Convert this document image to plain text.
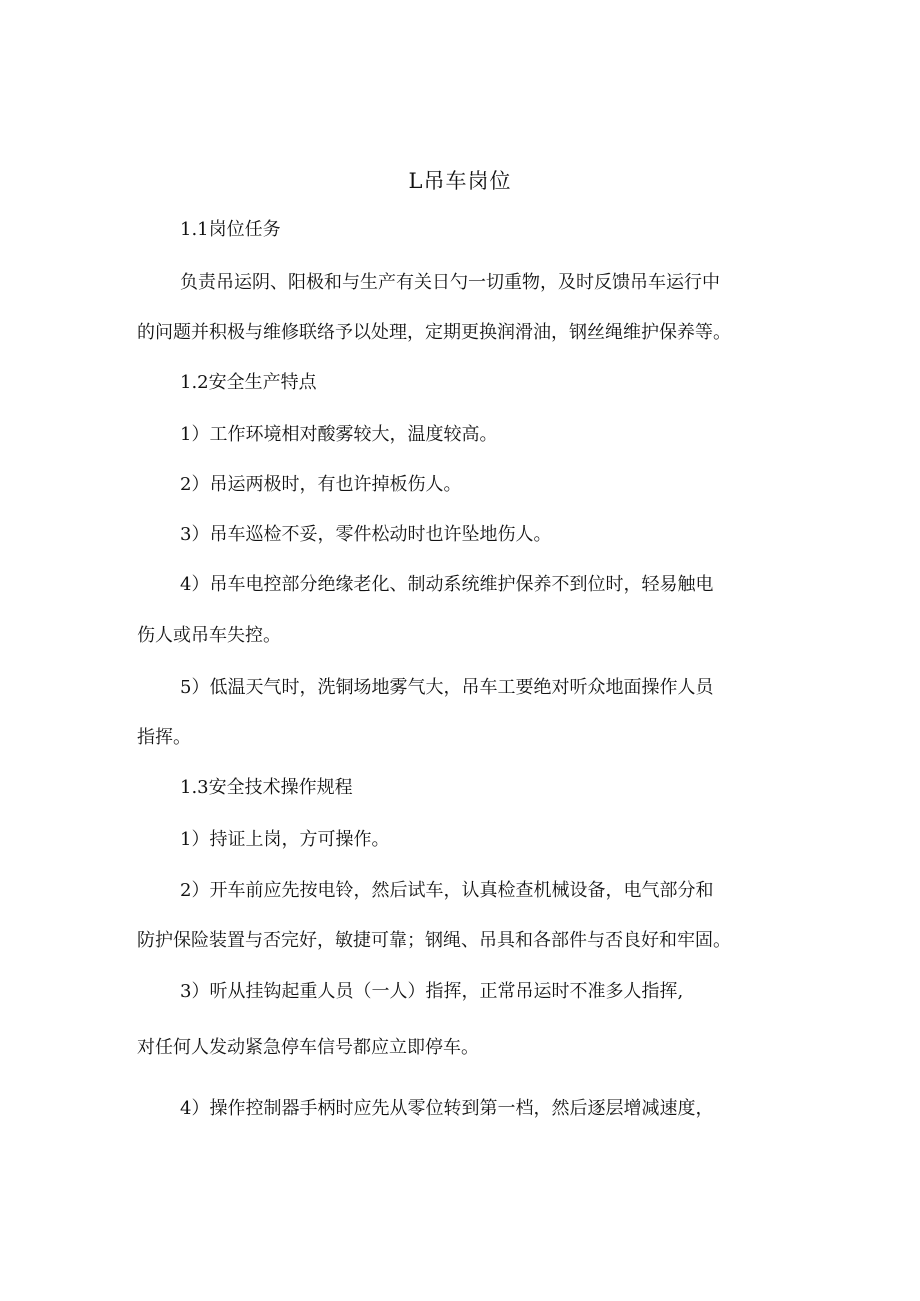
L吊车岗位
1.1岗位任务
负责吊运阴、阳极和与生产有关日勺一切重物，及时反馈吊车运行中
的问题并积极与维修联络予以处理，定期更换润滑油，钢丝绳维护保养等。
1.2安全生产特点
1）工作环境相对酸雾较大，温度较高。
2）吊运两极时，有也许掉板伤人。
3）吊车巡检不妥，零件松动时也许坠地伤人。
4）吊车电控部分绝缘老化、制动系统维护保养不到位时，轻易触电
伤人或吊车失控。
5）低温天气时，洗铜场地雾气大，吊车工要绝对听众地面操作人员
指挥。
1.3安全技术操作规程
1）持证上岗，方可操作。
2）开车前应先按电铃，然后试车，认真检查机械设备，电气部分和
防护保险装置与否完好，敏捷可靠；钢绳、吊具和各部件与否良好和牢固。
3）听从挂钩起重人员（一人）指挥，正常吊运时不准多人指挥,
对任何人发动紧急停车信号都应立即停车。
4）操作控制器手柄时应先从零位转到第一档，然后逐层增减速度，
